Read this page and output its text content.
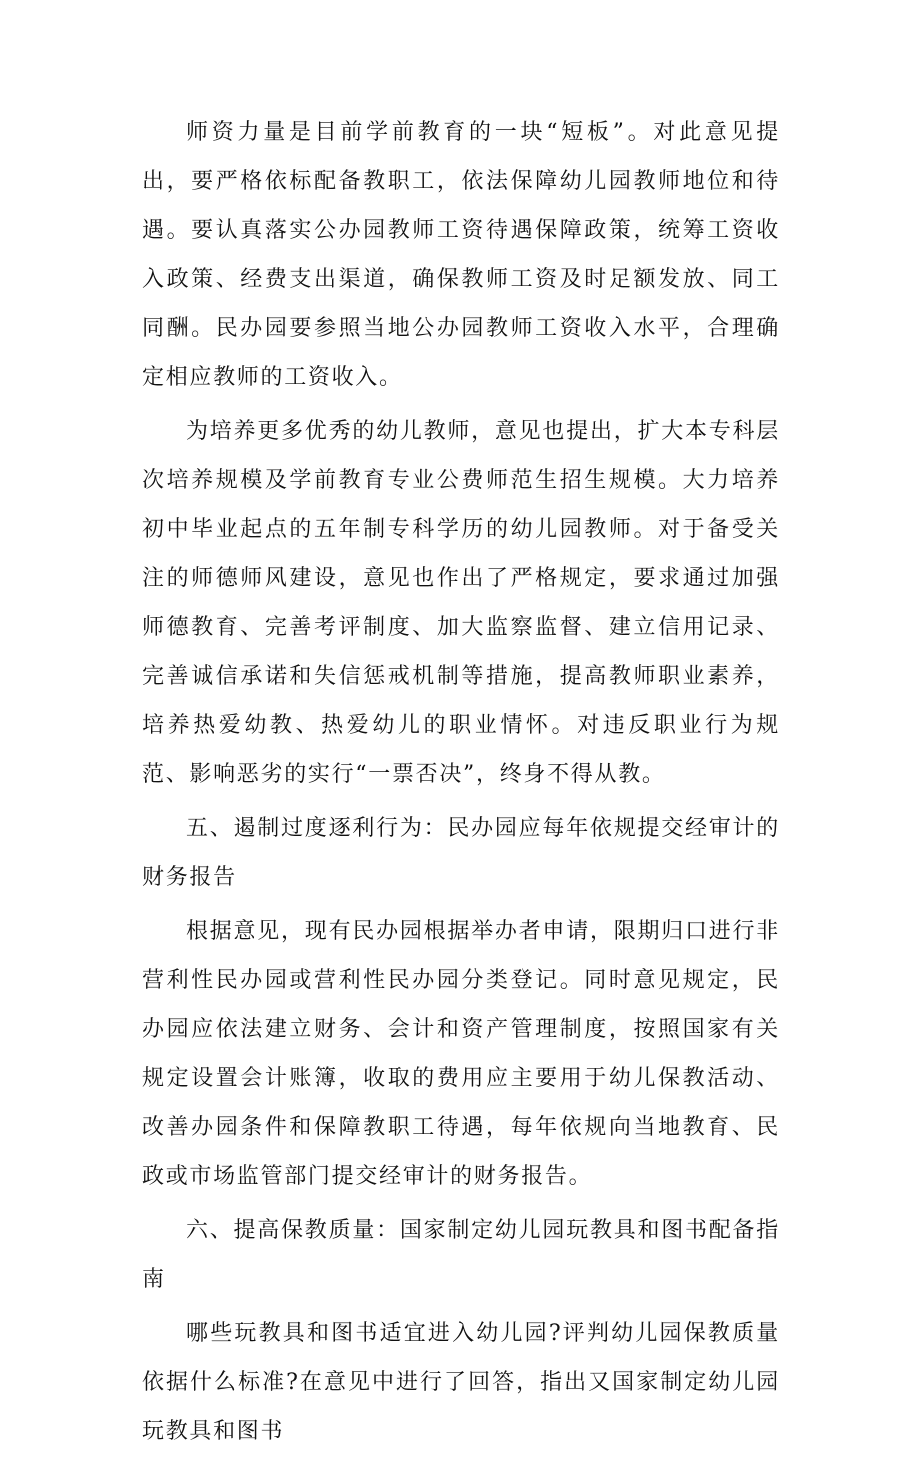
师资力量是目前学前教育的一块“短板”。对此意见提出，要严格依标配备教职工，依法保障幼儿园教师地位和待遇。要认真落实公办园教师工资待遇保障政策，统筹工资收入政策、经费支出渠道，确保教师工资及时足额发放、同工同酬。民办园要参照当地公办园教师工资收入水平，合理确定相应教师的工资收入。

为培养更多优秀的幼儿教师，意见也提出，扩大本专科层次培养规模及学前教育专业公费师范生招生规模。大力培养初中毕业起点的五年制专科学历的幼儿园教师。对于备受关注的师德师风建设，意见也作出了严格规定，要求通过加强师德教育、完善考评制度、加大监察监督、建立信用记录、完善诚信承诺和失信惩戒机制等措施，提高教师职业素养，培养热爱幼教、热爱幼儿的职业情怀。对违反职业行为规范、影响恶劣的实行“一票否决”，终身不得从教。

五、遏制过度逐利行为：民办园应每年依规提交经审计的财务报告

根据意见，现有民办园根据举办者申请，限期归口进行非营利性民办园或营利性民办园分类登记。同时意见规定，民办园应依法建立财务、会计和资产管理制度，按照国家有关规定设置会计账簿，收取的费用应主要用于幼儿保教活动、改善办园条件和保障教职工待遇，每年依规向当地教育、民政或市场监管部门提交经审计的财务报告。

六、提高保教质量：国家制定幼儿园玩教具和图书配备指南

哪些玩教具和图书适宜进入幼儿园?评判幼儿园保教质量依据什么标准?在意见中进行了回答，指出又国家制定幼儿园玩教具和图书
